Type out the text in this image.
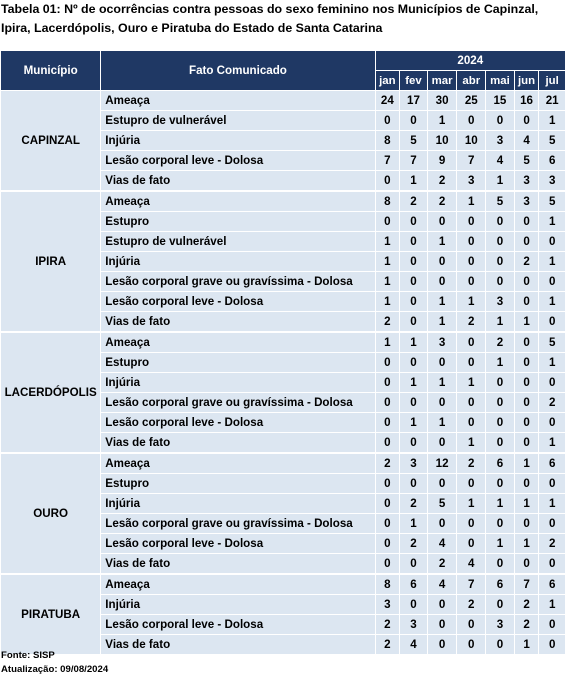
Tabela 01: Nº de ocorrências contra pessoas do sexo feminino nos Municípios de Capinzal, Ipira, Lacerdópolis, Ouro e Piratuba do Estado de Santa Catarina
Município	Fato Comunicado	2024						
		jan	fev	mar	abr	mai	jun	jul
CAPINZAL	Ameaça	24	17	30	25	15	16	21
	Estupro de vulnerável	0	0	1	0	0	0	1
	Injúria	8	5	10	10	3	4	5
	Lesão corporal leve - Dolosa	7	7	9	7	4	5	6
	Vias de fato	0	1	2	3	1	3	3
IPIRA	Ameaça	8	2	2	1	5	3	5
	Estupro	0	0	0	0	0	0	1
	Estupro de vulnerável	1	0	1	0	0	0	0
	Injúria	1	0	0	0	0	2	1
	Lesão corporal grave ou gravíssima - Dolosa	1	0	0	0	0	0	0
	Lesão corporal leve - Dolosa	1	0	1	1	3	0	1
	Vias de fato	2	0	1	2	1	1	0
LACERDÓPOLIS	Ameaça	1	1	3	0	2	0	5
	Estupro	0	0	0	0	1	0	1
	Injúria	0	1	1	1	0	0	0
	Lesão corporal grave ou gravíssima - Dolosa	0	0	0	0	0	0	2
	Lesão corporal leve - Dolosa	0	1	1	0	0	0	0
	Vias de fato	0	0	0	1	0	0	1
OURO	Ameaça	2	3	12	2	6	1	6
	Estupro	0	0	0	0	0	0	0
	Injúria	0	2	5	1	1	1	1
	Lesão corporal grave ou gravíssima - Dolosa	0	1	0	0	0	0	0
	Lesão corporal leve - Dolosa	0	2	4	0	1	1	2
	Vias de fato	0	0	2	4	0	0	0
PIRATUBA	Ameaça	8	6	4	7	6	7	6
	Injúria	3	0	0	2	0	2	1
	Lesão corporal leve - Dolosa	2	3	0	0	3	2	0
	Vias de fato	2	4	0	0	0	1	0
Fonte: SISP
Atualização: 09/08/2024
